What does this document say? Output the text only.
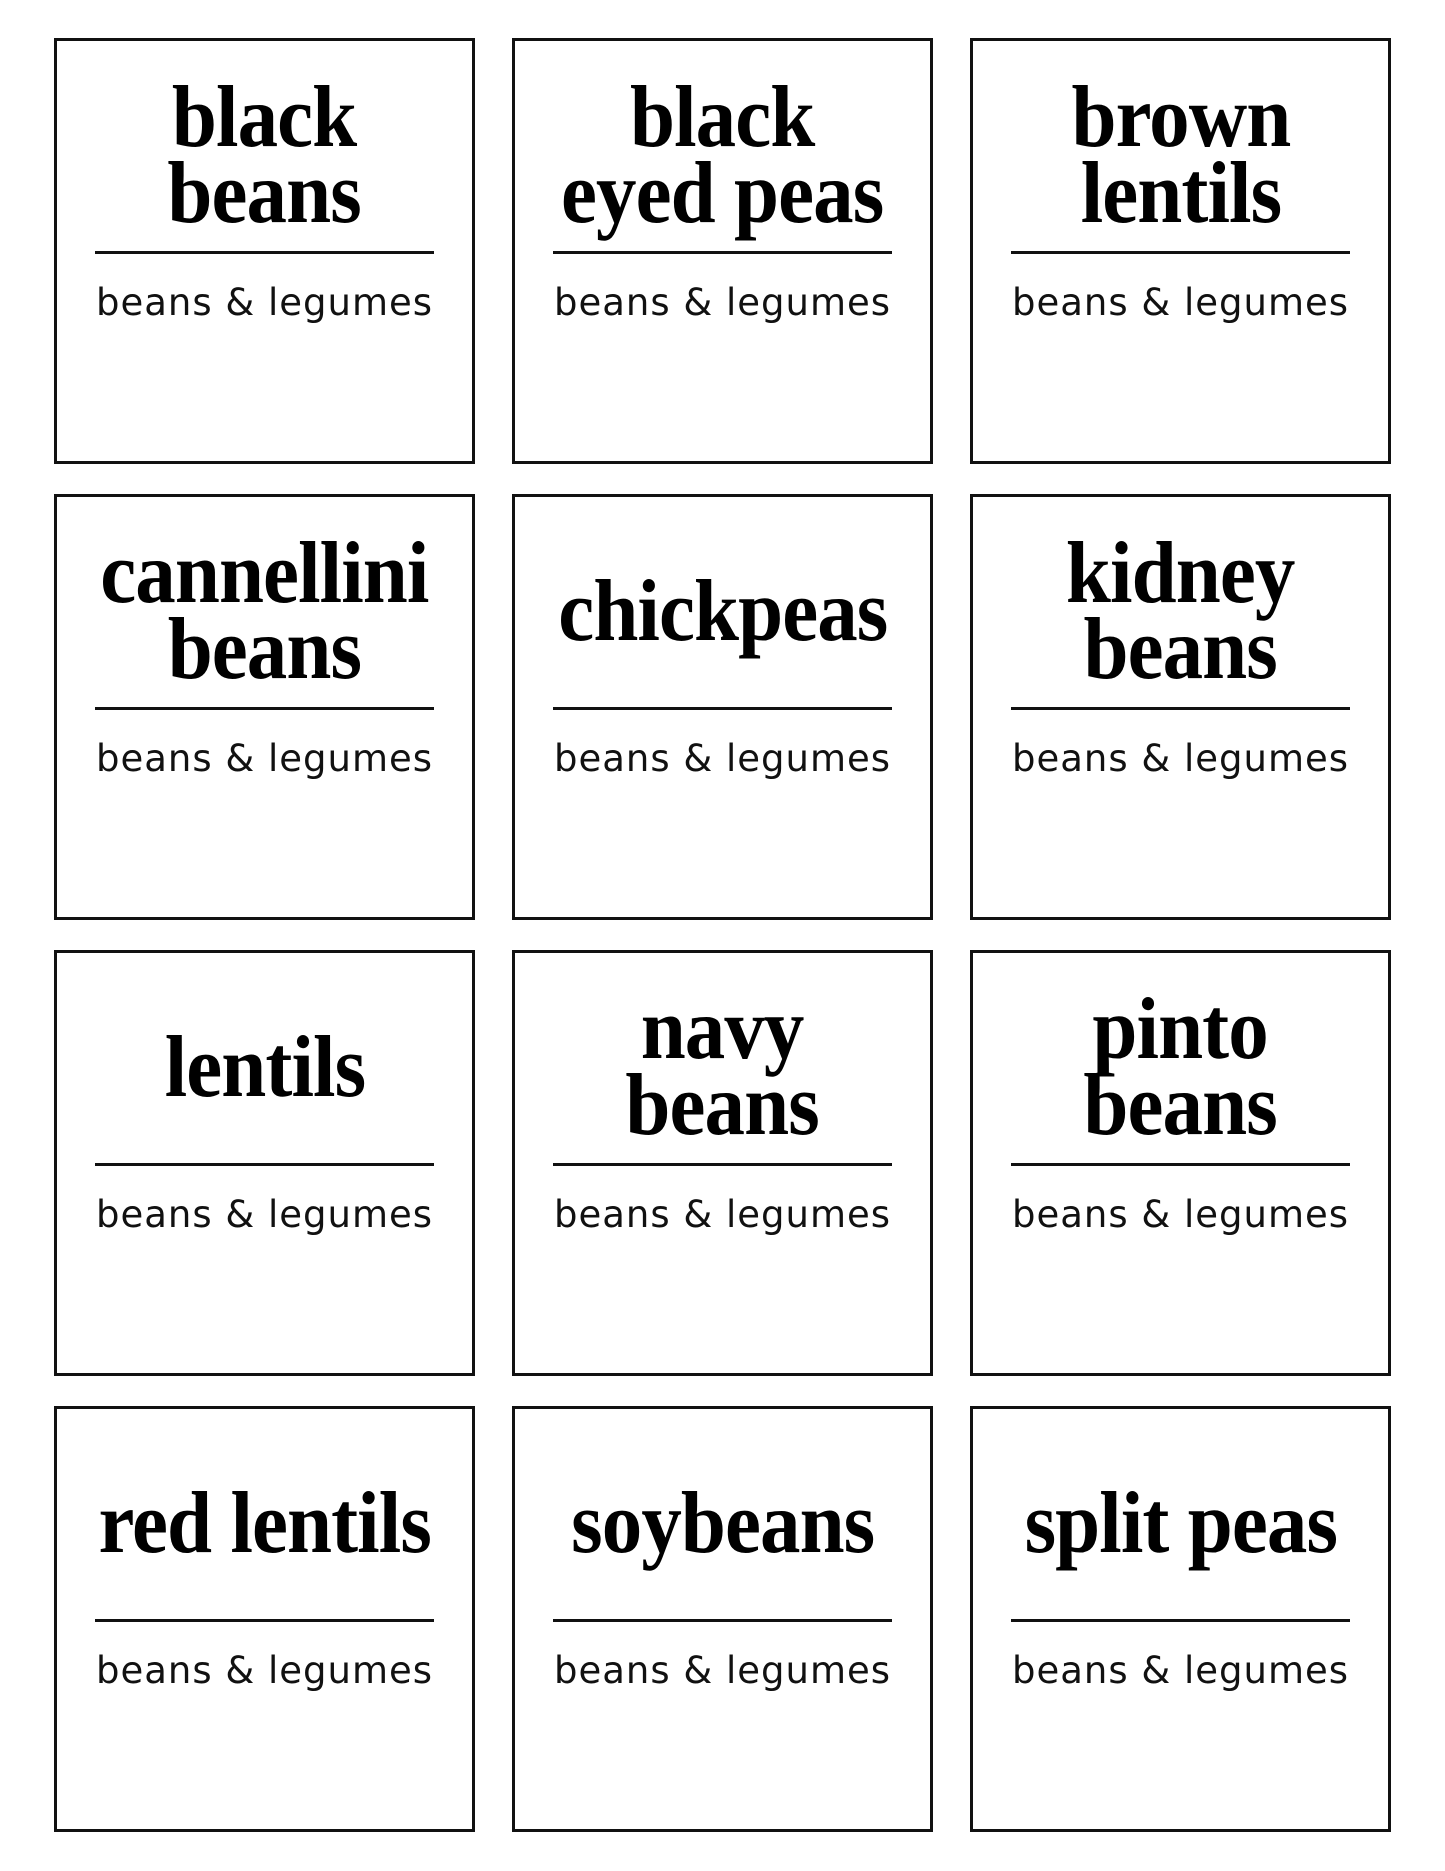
black
beans
beans & legumes
black
eyed peas
beans & legumes
brown
lentils
beans & legumes
cannellini
beans
beans & legumes
chickpeas
beans & legumes
kidney
beans
beans & legumes
lentils
beans & legumes
navy
beans
beans & legumes
pinto
beans
beans & legumes
red lentils
beans & legumes
soybeans
beans & legumes
split peas
beans & legumes
